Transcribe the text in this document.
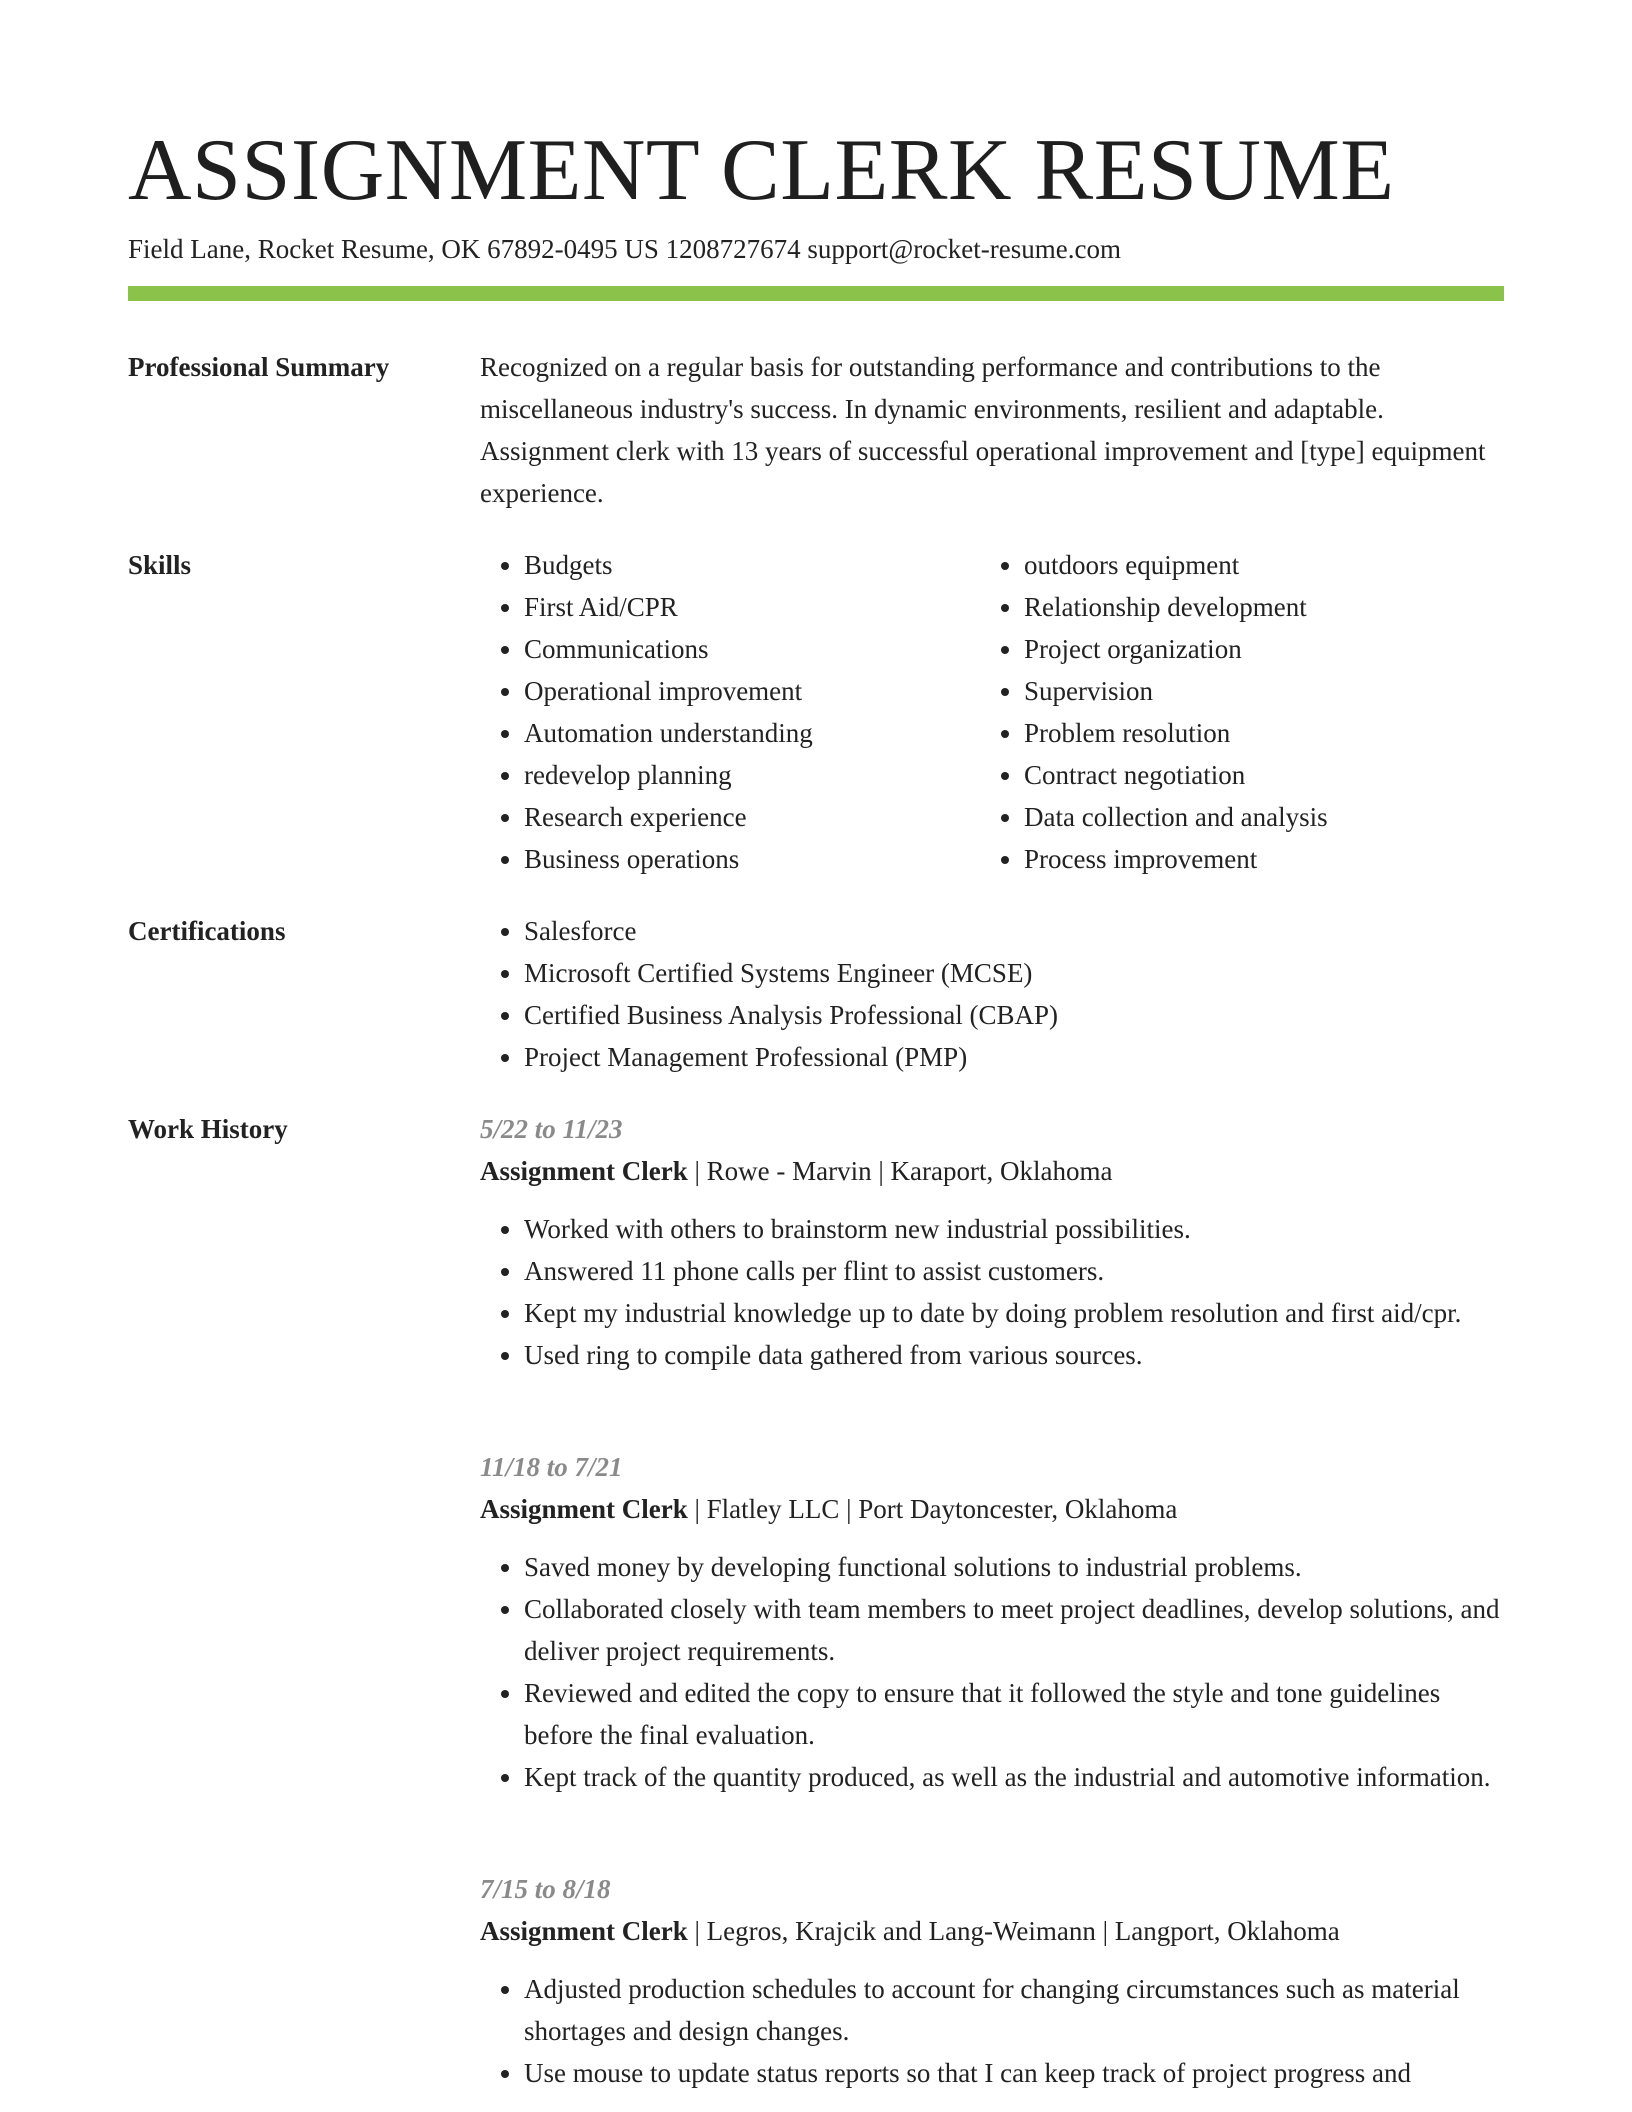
ASSIGNMENT CLERK RESUME
Field Lane, Rocket Resume, OK 67892-0495 US 1208727674 support@rocket-resume.com
Professional Summary	Recognized on a regular basis for outstanding performance and contributions to the miscellaneous industry's success. In dynamic environments, resilient and adaptable. Assignment clerk with 13 years of successful operational improvement and [type] equipment experience.

Skills	• Budgets
• First Aid/CPR
• Communications
• Operational improvement
• Automation understanding
• redevelop planning
• Research experience
• Business operations
• outdoors equipment
• Relationship development
• Project organization
• Supervision
• Problem resolution
• Contract negotiation
• Data collection and analysis
• Process improvement
Certifications	• Salesforce
• Microsoft Certified Systems Engineer (MCSE)
• Certified Business Analysis Professional (CBAP)
• Project Management Professional (PMP)
Work History	5/22 to 11/23
Assignment Clerk | Rowe - Marvin | Karaport, Oklahoma
• Worked with others to brainstorm new industrial possibilities.
• Answered 11 phone calls per flint to assist customers.
• Kept my industrial knowledge up to date by doing problem resolution and first aid/cpr.
• Used ring to compile data gathered from various sources.
11/18 to 7/21
Assignment Clerk | Flatley LLC | Port Daytoncester, Oklahoma
• Saved money by developing functional solutions to industrial problems.
• Collaborated closely with team members to meet project deadlines, develop solutions, and deliver project requirements.
• Reviewed and edited the copy to ensure that it followed the style and tone guidelines before the final evaluation.
• Kept track of the quantity produced, as well as the industrial and automotive information.
7/15 to 8/18
Assignment Clerk | Legros, Krajcik and Lang-Weimann | Langport, Oklahoma
• Adjusted production schedules to account for changing circumstances such as material shortages and design changes.
• Use mouse to update status reports so that I can keep track of project progress and
